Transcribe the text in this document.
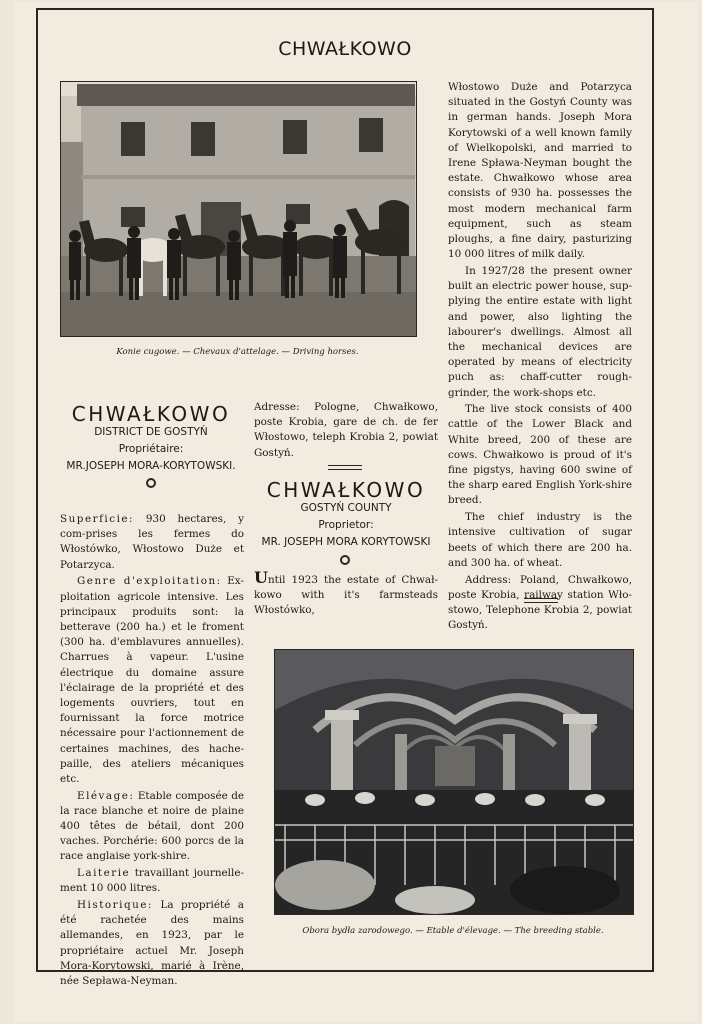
CHWAŁKOWO
Konie cugowe. — Chevaux d'attelage. — Driving horses.

Włostowo Duże and Potarzyca situated in the Gostyń County was in german hands. Joseph Mora Korytowski of a well known family of Wielkopolski, and married to Irene Spława-Neyman bought the estate. Chwałkowo whose area consists of 930 ha. possesses the most modern mechanical farm equipment, such as steam ploughs, a fine dairy, pasturizing 10 000 litres of milk daily.

In 1927/28 the present owner built an electric power house, sup-plying the entire estate with light and power, also lighting the labourer's dwellings. Almost all the mechanical devices are operated by means of electricity puch as: chaff-cutter rough-grinder, the work-shops etc.

The live stock consists of 400 cattle of the Lower Black and White breed, 200 of these are cows. Chwałkowo is proud of it's fine pigstys, having 600 swine of the sharp eared English York-shire breed.

The chief industry is the intensive cultivation of sugar beets of which there are 200 ha. and 300 ha. of wheat.

Address: Poland, Chwałkowo, poste Krobia, railway station Wło-stowo, Telephone Krobia 2, powiat Gostyń.

CHWAŁKOWO
DISTRICT DE GOSTYŃ
Propriétaire:
MR.JOSEPH MORA-KORYTOWSKI.

Superficie: 930 hectares, y com-prises les fermes do Włostówko, Włostowo Duże et Potarzyca.

Genre d'exploitation: Ex-ploitation agricole intensive. Les principaux produits sont: la betterave (200 ha.) et le froment (300 ha. d'emblavures annuelles). Charrues à vapeur. L'usine électrique du domaine assure l'éclairage de la propriété et des logements ouvriers, tout en fournissant la force motrice nécessaire pour l'actionnement de certaines machines, des hache-paille, des ateliers mécaniques etc.

Elévage: Etable composée de la race blanche et noire de plaine 400 têtes de bétail, dont 200 vaches. Porchérie: 600 porcs de la race anglaise york-shire.

Laiterie travaillant journelle-ment 10 000 litres.

Historique: La propriété a été rachetée des mains allemandes, en 1923, par le propriétaire actuel Mr. Joseph Mora-Korytowski, marié à Irène, née Sepławа-Neyman.

Adresse: Pologne, Chwałkowo, poste Krobia, gare de ch. de fer Włostowo, teleph Krobia 2, powiat Gostyń.

CHWAŁKOWO
GOSTYŃ COUNTY
Proprietor:
MR. JOSEPH MORA KORYTOWSKI

Until 1923 the estate of Chwał-kowo with it's farmsteads Włostówko,

Obora bydła zarodowego. — Etable d'élevage. — The breeding stable.
